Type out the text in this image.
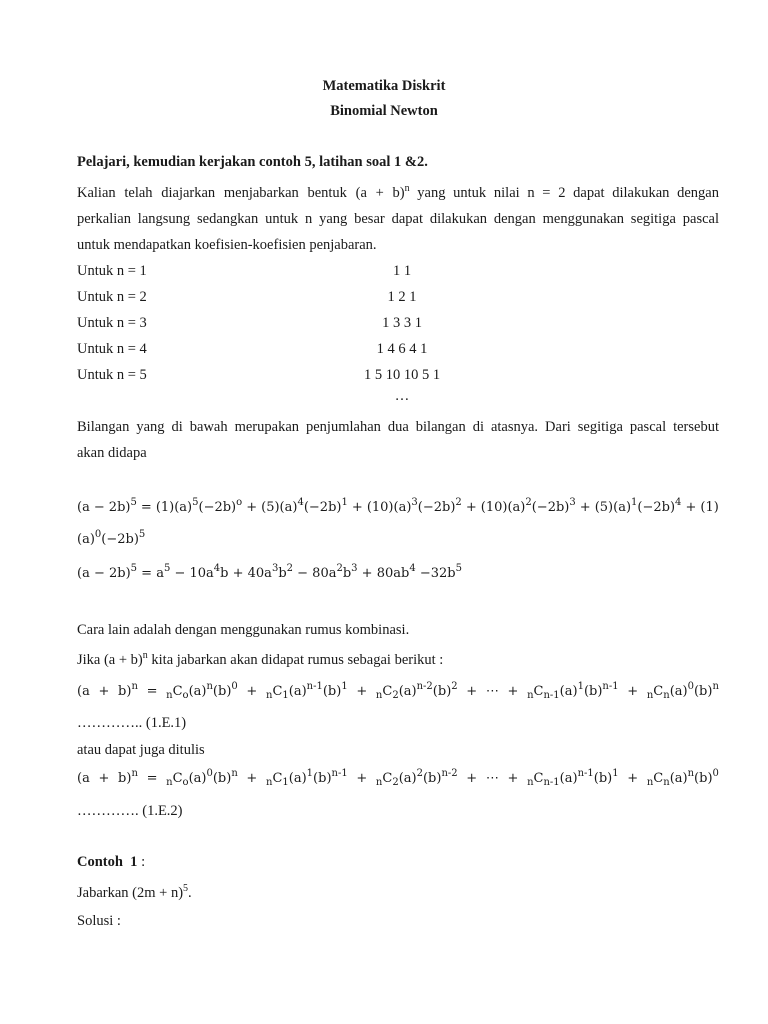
Matematika Diskrit
Binomial Newton
Pelajari, kemudian kerjakan contoh 5, latihan soal 1 &2.
Kalian telah diajarkan menjabarkan bentuk $(a + b)^n$ yang untuk nilai n = 2 dapat dilakukan dengan
perkalian langsung sedangkan untuk n yang besar dapat dilakukan dengan menggunakan segitiga pascal
untuk mendapatkan koefisien-koefisien penjabaran.
Untuk n = 1	1 1
Untuk n = 2	1 2 1
Untuk n = 3	1 3 3 1
Untuk n = 4	1 4 6 4 1
Untuk n = 5	1 5 10 10 5 1
…
Bilangan yang di bawah merupakan penjumlahan dua bilangan di atasnya. Dari segitiga pascal tersebut
akan didapa
$(a - 2b)^5 = (1)(a)^5(-2b)^o + (5)(a)^4(-2b)^1 + (10)(a)^3(-2b)^2 + (10)(a)^2(-2b)^3 + (5)(a)^1(-2b)^4 + (1)$
$(a)^0(-2b)^5$
$(a - 2b)^5 = a^5 - 10a^4b + 40a^3b^2 - 80a^2b^3 + 80ab^4 -32b^5$
Cara lain adalah dengan menggunakan rumus kombinasi.
Jika $(a + b)^n$ kita jabarkan akan didapat rumus sebagai berikut :
$(a + b)^n = _nC_o(a)^n(b)^0 + _nC_1(a)^{n-1}(b)^1 + _nC_2(a)^{n-2}(b)^2$ + ⋯ + $_nC_{n-1}(a)^1(b)^{n-1} + _nC_n(a)^0(b)^n$
………….. (1.E.1)
atau dapat juga ditulis
$(a + b)^n = _nC_o(a)^0(b)^n + _nC_1(a)^1(b)^{n-1} + _nC_2(a)^2(b)^{n-2}$ + ⋯ + $_nC_{n-1}(a)^{n-1}(b)^1 + _nC_n(a)^n(b)^0$
…………. (1.E.2)
Contoh  1 :
Jabarkan $(2m + n)^5$.
Solusi :
